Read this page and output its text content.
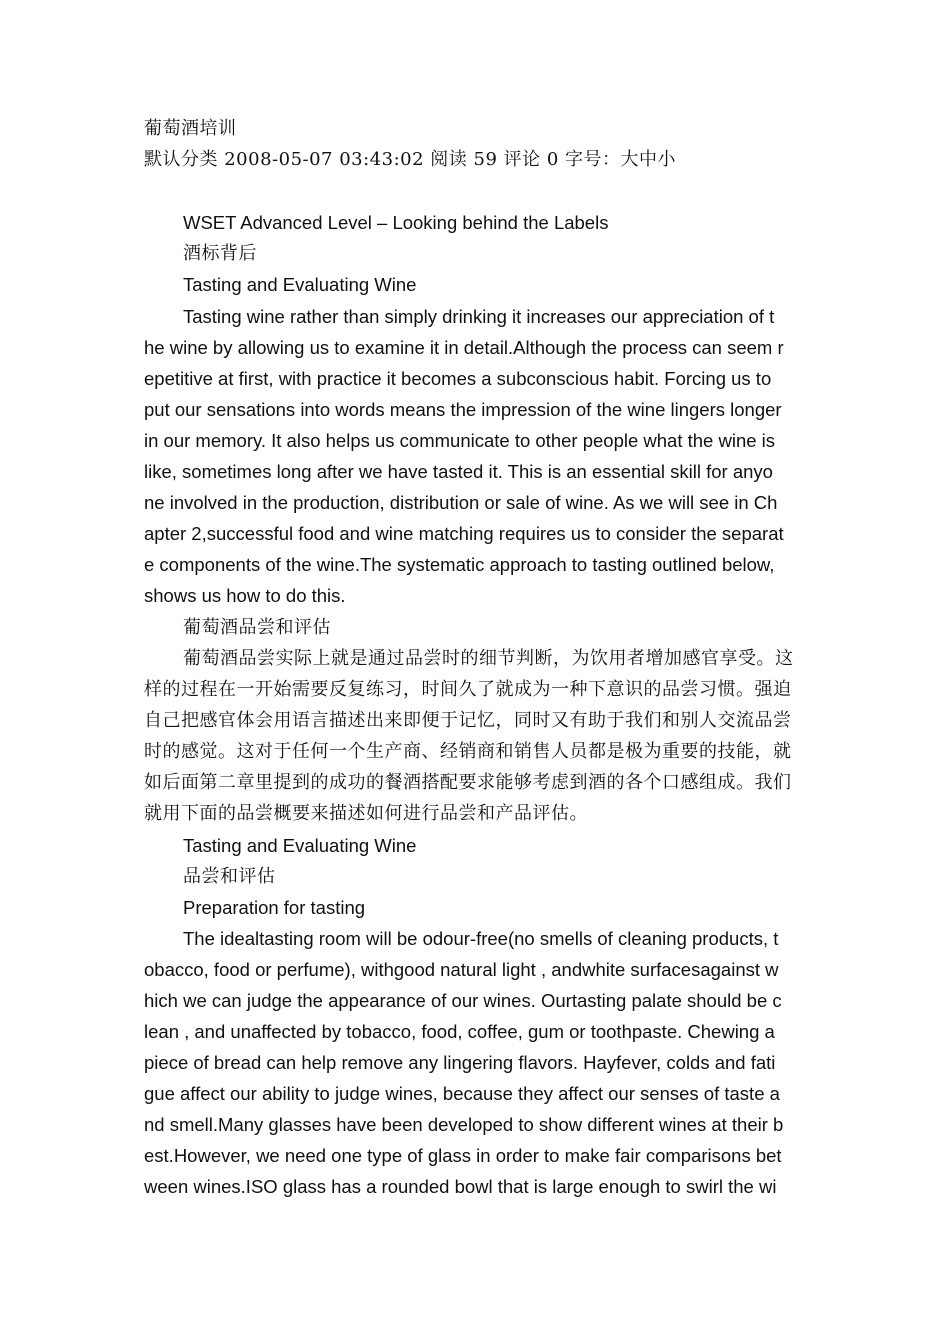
葡萄酒培训
默认分类 2008-05-07 03:43:02 阅读 59 评论 0 字号：大中小
WSET Advanced Level – Looking behind the Labels
酒标背后
Tasting and Evaluating Wine
Tasting wine rather than simply drinking it increases our appreciation of t
he wine by allowing us to examine it in detail.Although the process can seem r
epetitive at first, with practice it becomes a subconscious habit. Forcing us to
put our sensations into words means the impression of the wine lingers longer
in our memory. It also helps us communicate to other people what the wine is
like, sometimes long after we have tasted it. This is an essential skill for anyo
ne involved in the production, distribution or sale of wine. As we will see in Ch
apter 2,successful food and wine matching requires us to consider the separat
e components of the wine.The systematic approach to tasting outlined below,
shows us how to do this.
葡萄酒品尝和评估
葡萄酒品尝实际上就是通过品尝时的细节判断，为饮用者增加感官享受。这
样的过程在一开始需要反复练习，时间久了就成为一种下意识的品尝习惯。强迫
自己把感官体会用语言描述出来即便于记忆，同时又有助于我们和别人交流品尝
时的感觉。这对于任何一个生产商、经销商和销售人员都是极为重要的技能，就
如后面第二章里提到的成功的餐酒搭配要求能够考虑到酒的各个口感组成。我们
就用下面的品尝概要来描述如何进行品尝和产品评估。
Tasting and Evaluating Wine
品尝和评估
Preparation for tasting
The idealtasting room will be odour-free(no smells of cleaning products, t
obacco, food or perfume), withgood natural light , andwhite surfacesagainst w
hich we can judge the appearance of our wines. Ourtasting palate should be c
lean , and unaffected by tobacco, food, coffee, gum or toothpaste. Chewing a
piece of bread can help remove any lingering flavors. Hayfever, colds and fati
gue affect our ability to judge wines, because they affect our senses of taste a
nd smell.Many glasses have been developed to show different wines at their b
est.However, we need one type of glass in order to make fair comparisons bet
ween wines.ISO glass has a rounded bowl that is large enough to swirl the wi
